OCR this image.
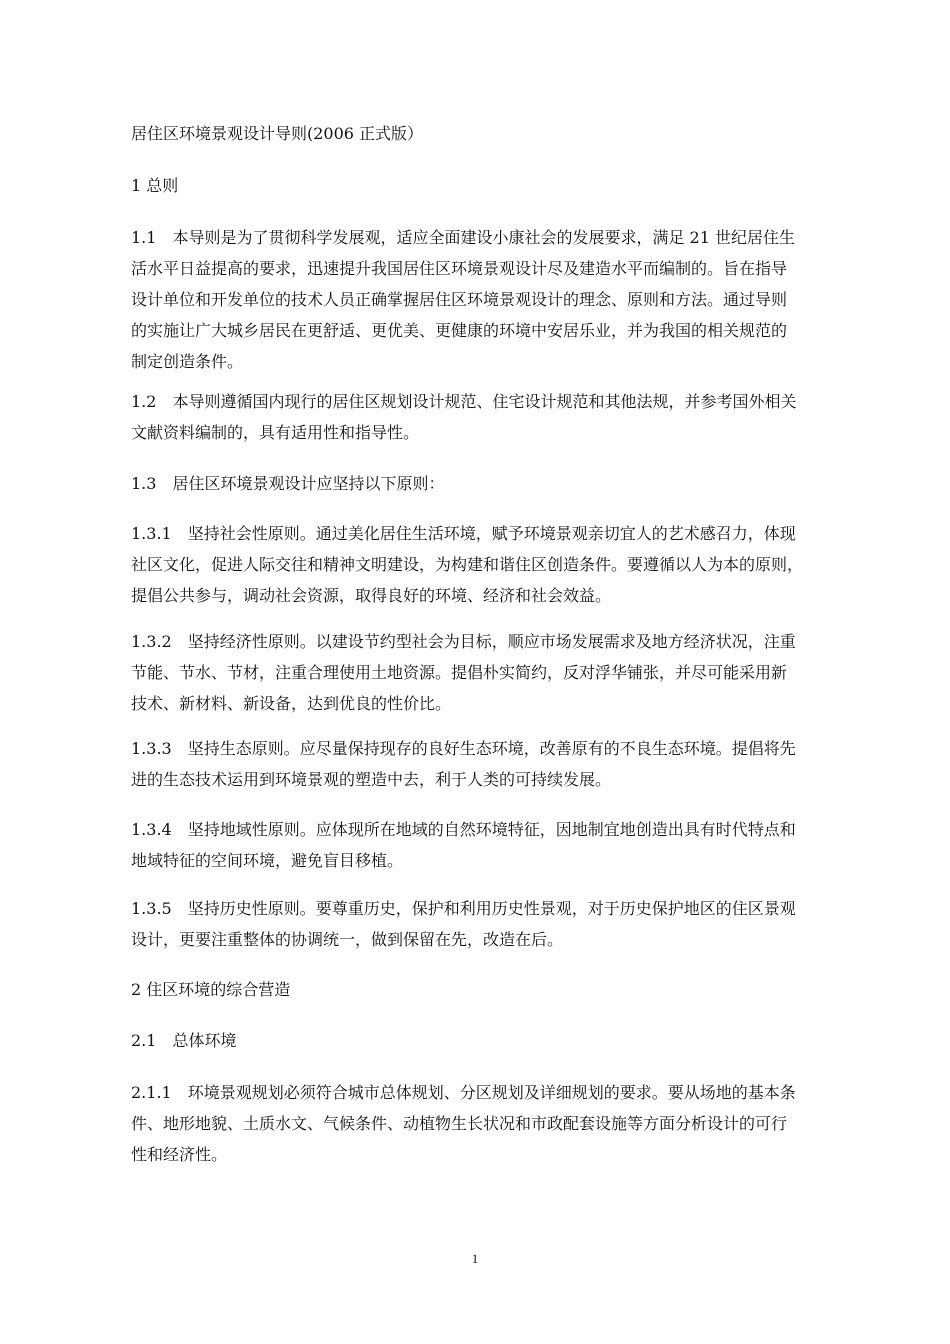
居住区环境景观设计导则(2006 正式版）

1 总则

1.1　本导则是为了贯彻科学发展观，适应全面建设小康社会的发展要求，满足 21 世纪居住生
活水平日益提高的要求，迅速提升我国居住区环境景观设计尽及建造水平而编制的。旨在指导
设计单位和开发单位的技术人员正确掌握居住区环境景观设计的理念、原则和方法。通过导则
的实施让广大城乡居民在更舒适、更优美、更健康的环境中安居乐业，并为我国的相关规范的
制定创造条件。

1.2　本导则遵循国内现行的居住区规划设计规范、住宅设计规范和其他法规，并参考国外相关
文献资料编制的，具有适用性和指导性。

1.3　居住区环境景观设计应坚持以下原则：

1.3.1　坚持社会性原则。通过美化居住生活环境，赋予环境景观亲切宜人的艺术感召力，体现
社区文化，促进人际交往和精神文明建设，为构建和谐住区创造条件。要遵循以人为本的原则，
提倡公共参与，调动社会资源，取得良好的环境、经济和社会效益。

1.3.2　坚持经济性原则。以建设节约型社会为目标，顺应市场发展需求及地方经济状况，注重
节能、节水、节材，注重合理使用土地资源。提倡朴实简约，反对浮华铺张，并尽可能采用新
技术、新材料、新设备，达到优良的性价比。

1.3.3　坚持生态原则。应尽量保持现存的良好生态环境，改善原有的不良生态环境。提倡将先
进的生态技术运用到环境景观的塑造中去，利于人类的可持续发展。

1.3.4　坚持地域性原则。应体现所在地域的自然环境特征，因地制宜地创造出具有时代特点和
地域特征的空间环境，避免盲目移植。

1.3.5　坚持历史性原则。要尊重历史，保护和利用历史性景观，对于历史保护地区的住区景观
设计，更要注重整体的协调统一，做到保留在先，改造在后。

2 住区环境的综合营造

2.1　总体环境

2.1.1　环境景观规划必须符合城市总体规划、分区规划及详细规划的要求。要从场地的基本条
件、地形地貌、土质水文、气候条件、动植物生长状况和市政配套设施等方面分析设计的可行
性和经济性。

1
